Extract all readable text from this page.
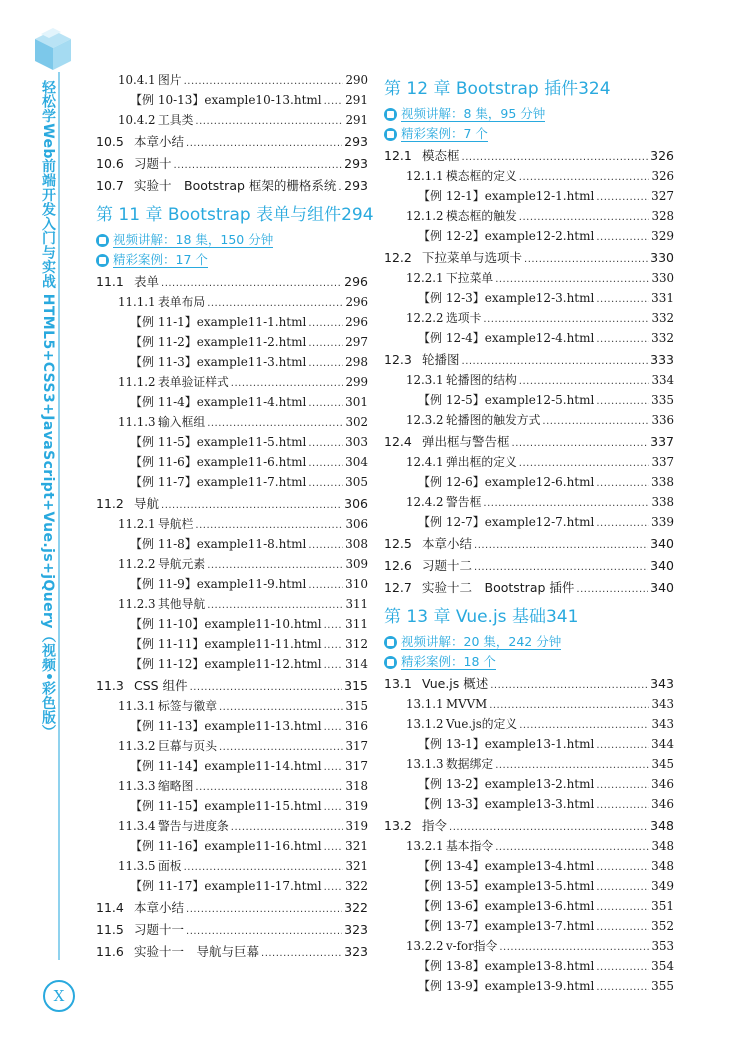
轻松学Web前端开发入门与实战 HTML5+CSS3+JavaScript+Vue.js+jQuery（视频•彩色版）
X
10.4.1 图片 .....	290
【例 10-13】example10-13.html ..... 291
10.4.2 工具类 .....	291
10.5 本章小结 .....	293
10.6 习题十 .....	293
10.7 实验十　Bootstrap 框架的栅格系统 ..... 293
第 11 章 Bootstrap 表单与组件 294
视频讲解：18 集，150 分钟
精彩案例：17 个
11.1 表单 .....	296
11.1.1 表单布局 .....	296
【例 11-1】example11-1.html .....	296
【例 11-2】example11-2.html .....	297
【例 11-3】example11-3.html .....	298
11.1.2 表单验证样式 .....	299
【例 11-4】example11-4.html .....	301
11.1.3 输入框组 .....	302
【例 11-5】example11-5.html .....	303
【例 11-6】example11-6.html .....	304
【例 11-7】example11-7.html .....	305
11.2 导航 .....	306
11.2.1 导航栏 .....	306
【例 11-8】example11-8.html .....	308
11.2.2 导航元素 .....	309
【例 11-9】example11-9.html .....	310
11.2.3 其他导航 .....	311
【例 11-10】example11-10.html ..... 311
【例 11-11】example11-11.html ..... 312
【例 11-12】example11-12.html ..... 314
11.3 CSS 组件 .....	315
11.3.1 标签与徽章 .....	315
【例 11-13】example11-13.html ..... 316
11.3.2 巨幕与页头 .....	317
【例 11-14】example11-14.html ..... 317
11.3.3 缩略图 .....	318
【例 11-15】example11-15.html ..... 319
11.3.4 警告与进度条 .....	319
【例 11-16】example11-16.html ..... 321
11.3.5 面板 .....	321
【例 11-17】example11-17.html ..... 322
11.4 本章小结 .....	322
11.5 习题十一 .....	323
11.6 实验十一　导航与巨幕 .....	323
第 12 章 Bootstrap 插件 324
视频讲解：8 集，95 分钟
精彩案例：7 个
12.1 模态框 .....	326
12.1.1 模态框的定义 .....	326
【例 12-1】example12-1.html .....	327
12.1.2 模态框的触发 .....	328
【例 12-2】example12-2.html .....	329
12.2 下拉菜单与选项卡 .....	330
12.2.1 下拉菜单 .....	330
【例 12-3】example12-3.html .....	331
12.2.2 选项卡 .....	332
【例 12-4】example12-4.html .....	332
12.3 轮播图 .....	333
12.3.1 轮播图的结构 .....	334
【例 12-5】example12-5.html .....	335
12.3.2 轮播图的触发方式 .....	336
12.4 弹出框与警告框 .....	337
12.4.1 弹出框的定义 .....	337
【例 12-6】example12-6.html .....	338
12.4.2 警告框 .....	338
【例 12-7】example12-7.html .....	339
12.5 本章小结 .....	340
12.6 习题十二 .....	340
12.7 实验十二　Bootstrap 插件 .....	340
第 13 章 Vue.js 基础 341
视频讲解：20 集，242 分钟
精彩案例：18 个
13.1 Vue.js 概述 .....	343
13.1.1 MVVM .....	343
13.1.2 Vue.js的定义 .....	343
【例 13-1】example13-1.html .....	344
13.1.3 数据绑定 .....	345
【例 13-2】example13-2.html .....	346
【例 13-3】example13-3.html .....	346
13.2 指令 .....	348
13.2.1 基本指令 .....	348
【例 13-4】example13-4.html .....	348
【例 13-5】example13-5.html .....	349
【例 13-6】example13-6.html .....	351
【例 13-7】example13-7.html .....	352
13.2.2 v-for指令 .....	353
【例 13-8】example13-8.html .....	354
【例 13-9】example13-9.html .....	355
